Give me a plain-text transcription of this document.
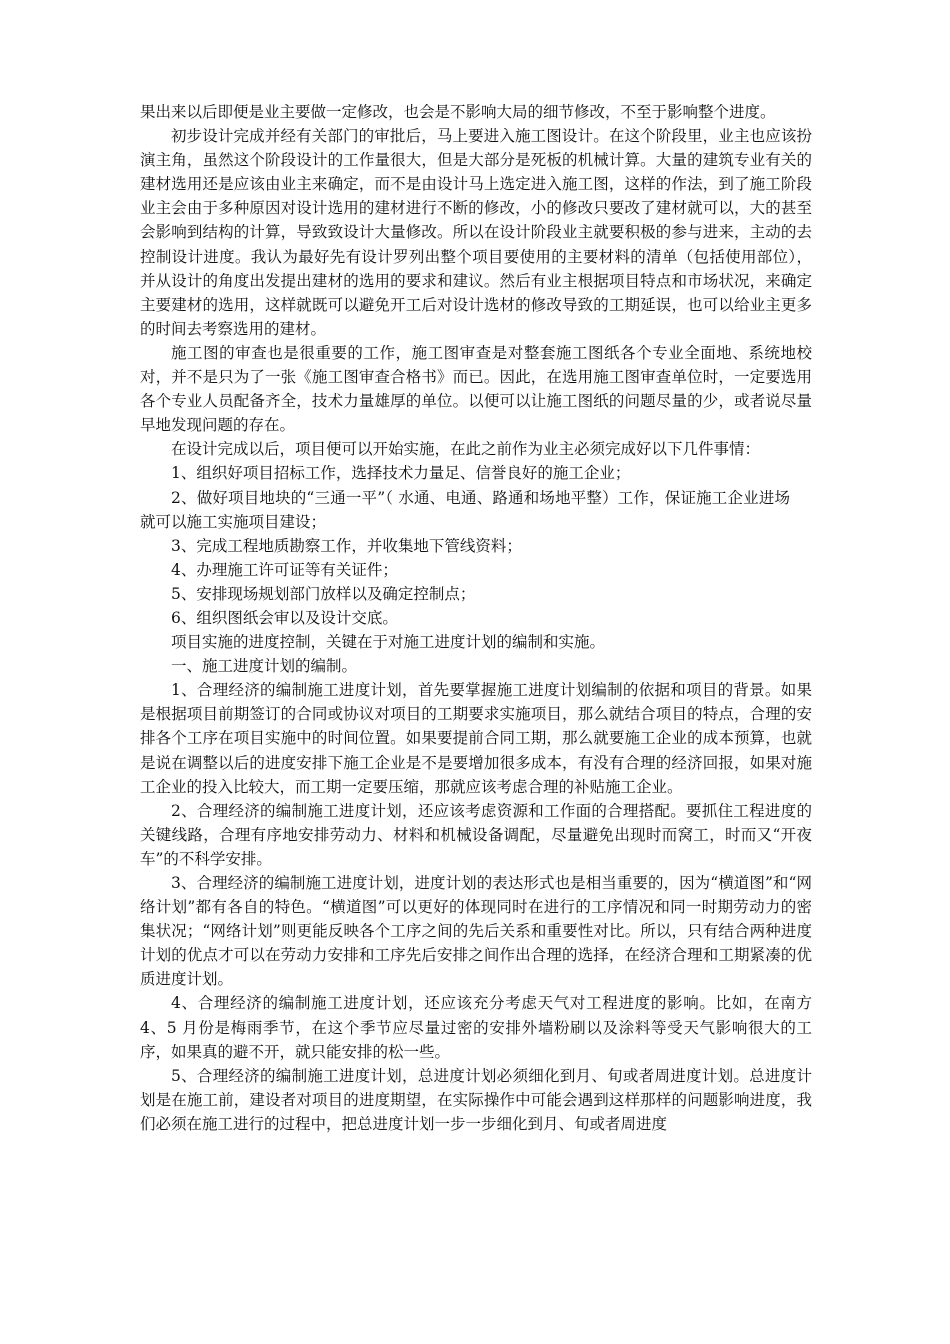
果出来以后即便是业主要做一定修改，也会是不影响大局的细节修改，不至于影响整个进度。

初步设计完成并经有关部门的审批后，马上要进入施工图设计。在这个阶段里，业主也应该扮演主角，虽然这个阶段设计的工作量很大，但是大部分是死板的机械计算。大量的建筑专业有关的建材选用还是应该由业主来确定，而不是由设计马上选定进入施工图，这样的作法，到了施工阶段业主会由于多种原因对设计选用的建材进行不断的修改，小的修改只要改了建材就可以，大的甚至会影响到结构的计算，导致致设计大量修改。所以在设计阶段业主就要积极的参与进来，主动的去控制设计进度。我认为最好先有设计罗列出整个项目要使用的主要材料的清单（包括使用部位），并从设计的角度出发提出建材的选用的要求和建议。然后有业主根据项目特点和市场状况，来确定主要建材的选用，这样就既可以避免开工后对设计选材的修改导致的工期延误，也可以给业主更多的时间去考察选用的建材。

施工图的审查也是很重要的工作，施工图审查是对整套施工图纸各个专业全面地、系统地校对，并不是只为了一张《施工图审查合格书》而已。因此，在选用施工图审查单位时，一定要选用各个专业人员配备齐全，技术力量雄厚的单位。以便可以让施工图纸的问题尽量的少，或者说尽量早地发现问题的存在。

在设计完成以后，项目便可以开始实施，在此之前作为业主必须完成好以下几件事情：

1、组织好项目招标工作，选择技术力量足、信誉良好的施工企业；

2、做好项目地块的“三通一平”（ 水通、电通、路通和场地平整）工作，保证施工企业进场就可以施工实施项目建设；

3、完成工程地质勘察工作，并收集地下管线资料；

4、办理施工许可证等有关证件；

5、安排现场规划部门放样以及确定控制点；

6、组织图纸会审以及设计交底。

项目实施的进度控制，关键在于对施工进度计划的编制和实施。

一、施工进度计划的编制。

1、合理经济的编制施工进度计划，首先要掌握施工进度计划编制的依据和项目的背景。如果是根据项目前期签订的合同或协议对项目的工期要求实施项目，那么就结合项目的特点，合理的安排各个工序在项目实施中的时间位置。如果要提前合同工期，那么就要施工企业的成本预算，也就是说在调整以后的进度安排下施工企业是不是要增加很多成本，有没有合理的经济回报，如果对施工企业的投入比较大，而工期一定要压缩，那就应该考虑合理的补贴施工企业。

2、合理经济的编制施工进度计划，还应该考虑资源和工作面的合理搭配。要抓住工程进度的关键线路，合理有序地安排劳动力、材料和机械设备调配，尽量避免出现时而窝工，时而又“开夜车”的不科学安排。

3、合理经济的编制施工进度计划，进度计划的表达形式也是相当重要的，因为“横道图”和“网络计划”都有各自的特色。“横道图”可以更好的体现同时在进行的工序情况和同一时期劳动力的密集状况；“网络计划”则更能反映各个工序之间的先后关系和重要性对比。所以，只有结合两种进度计划的优点才可以在劳动力安排和工序先后安排之间作出合理的选择，在经济合理和工期紧凑的优质进度计划。

4、合理经济的编制施工进度计划，还应该充分考虑天气对工程进度的影响。比如，在南方 4、5 月份是梅雨季节，在这个季节应尽量过密的安排外墙粉刷以及涂料等受天气影响很大的工序，如果真的避不开，就只能安排的松一些。

5、合理经济的编制施工进度计划，总进度计划必须细化到月、旬或者周进度计划。总进度计划是在施工前，建设者对项目的进度期望，在实际操作中可能会遇到这样那样的问题影响进度，我们必须在施工进行的过程中，把总进度计划一步一步细化到月、旬或者周进度
